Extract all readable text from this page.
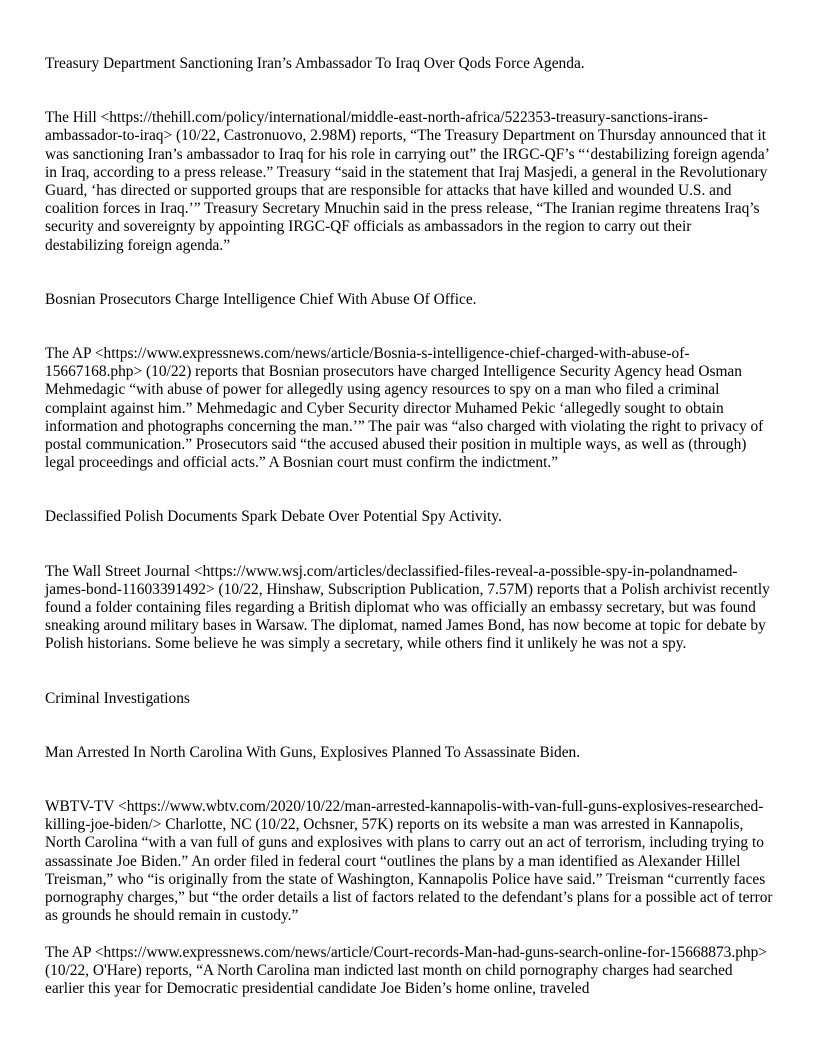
Treasury Department Sanctioning Iran’s Ambassador To Iraq Over Qods Force Agenda.

The Hill <https://thehill.com/policy/international/middle-east-north-africa/522353-treasury-sanctions-irans-ambassador-to-iraq> (10/22, Castronuovo, 2.98M) reports, “The Treasury Department on Thursday announced that it was sanctioning Iran’s ambassador to Iraq for his role in carrying out” the IRGC-QF’s “‘destabilizing foreign agenda’ in Iraq, according to a press release.” Treasury “said in the statement that Iraj Masjedi, a general in the Revolutionary Guard, ‘has directed or supported groups that are responsible for attacks that have killed and wounded U.S. and coalition forces in Iraq.’” Treasury Secretary Mnuchin said in the press release, “The Iranian regime threatens Iraq’s security and sovereignty by appointing IRGC-QF officials as ambassadors in the region to carry out their destabilizing foreign agenda.”

Bosnian Prosecutors Charge Intelligence Chief With Abuse Of Office.

The AP <https://www.expressnews.com/news/article/Bosnia-s-intelligence-chief-charged-with-abuse-of-15667168.php> (10/22) reports that Bosnian prosecutors have charged Intelligence Security Agency head Osman Mehmedagic “with abuse of power for allegedly using agency resources to spy on a man who filed a criminal complaint against him.” Mehmedagic and Cyber Security director Muhamed Pekic ‘allegedly sought to obtain information and photographs concerning the man.’” The pair was “also charged with violating the right to privacy of postal communication.” Prosecutors said “the accused abused their position in multiple ways, as well as (through) legal proceedings and official acts.” A Bosnian court must confirm the indictment.”

Declassified Polish Documents Spark Debate Over Potential Spy Activity.

The Wall Street Journal <https://www.wsj.com/articles/declassified-files-reveal-a-possible-spy-in-polandnamed-james-bond-11603391492> (10/22, Hinshaw, Subscription Publication, 7.57M) reports that a Polish archivist recently found a folder containing files regarding a British diplomat who was officially an embassy secretary, but was found sneaking around military bases in Warsaw. The diplomat, named James Bond, has now become at topic for debate by Polish historians. Some believe he was simply a secretary, while others find it unlikely he was not a spy.

Criminal Investigations

Man Arrested In North Carolina With Guns, Explosives Planned To Assassinate Biden.

WBTV-TV <https://www.wbtv.com/2020/10/22/man-arrested-kannapolis-with-van-full-guns-explosives-researched-killing-joe-biden/> Charlotte, NC (10/22, Ochsner, 57K) reports on its website a man was arrested in Kannapolis, North Carolina “with a van full of guns and explosives with plans to carry out an act of terrorism, including trying to assassinate Joe Biden.” An order filed in federal court “outlines the plans by a man identified as Alexander Hillel Treisman,” who “is originally from the state of Washington, Kannapolis Police have said.” Treisman “currently faces pornography charges,” but “the order details a list of factors related to the defendant’s plans for a possible act of terror as grounds he should remain in custody.”

The AP <https://www.expressnews.com/news/article/Court-records-Man-had-guns-search-online-for-15668873.php> (10/22, O'Hare) reports, “A North Carolina man indicted last month on child pornography charges had searched earlier this year for Democratic presidential candidate Joe Biden’s home online, traveled
